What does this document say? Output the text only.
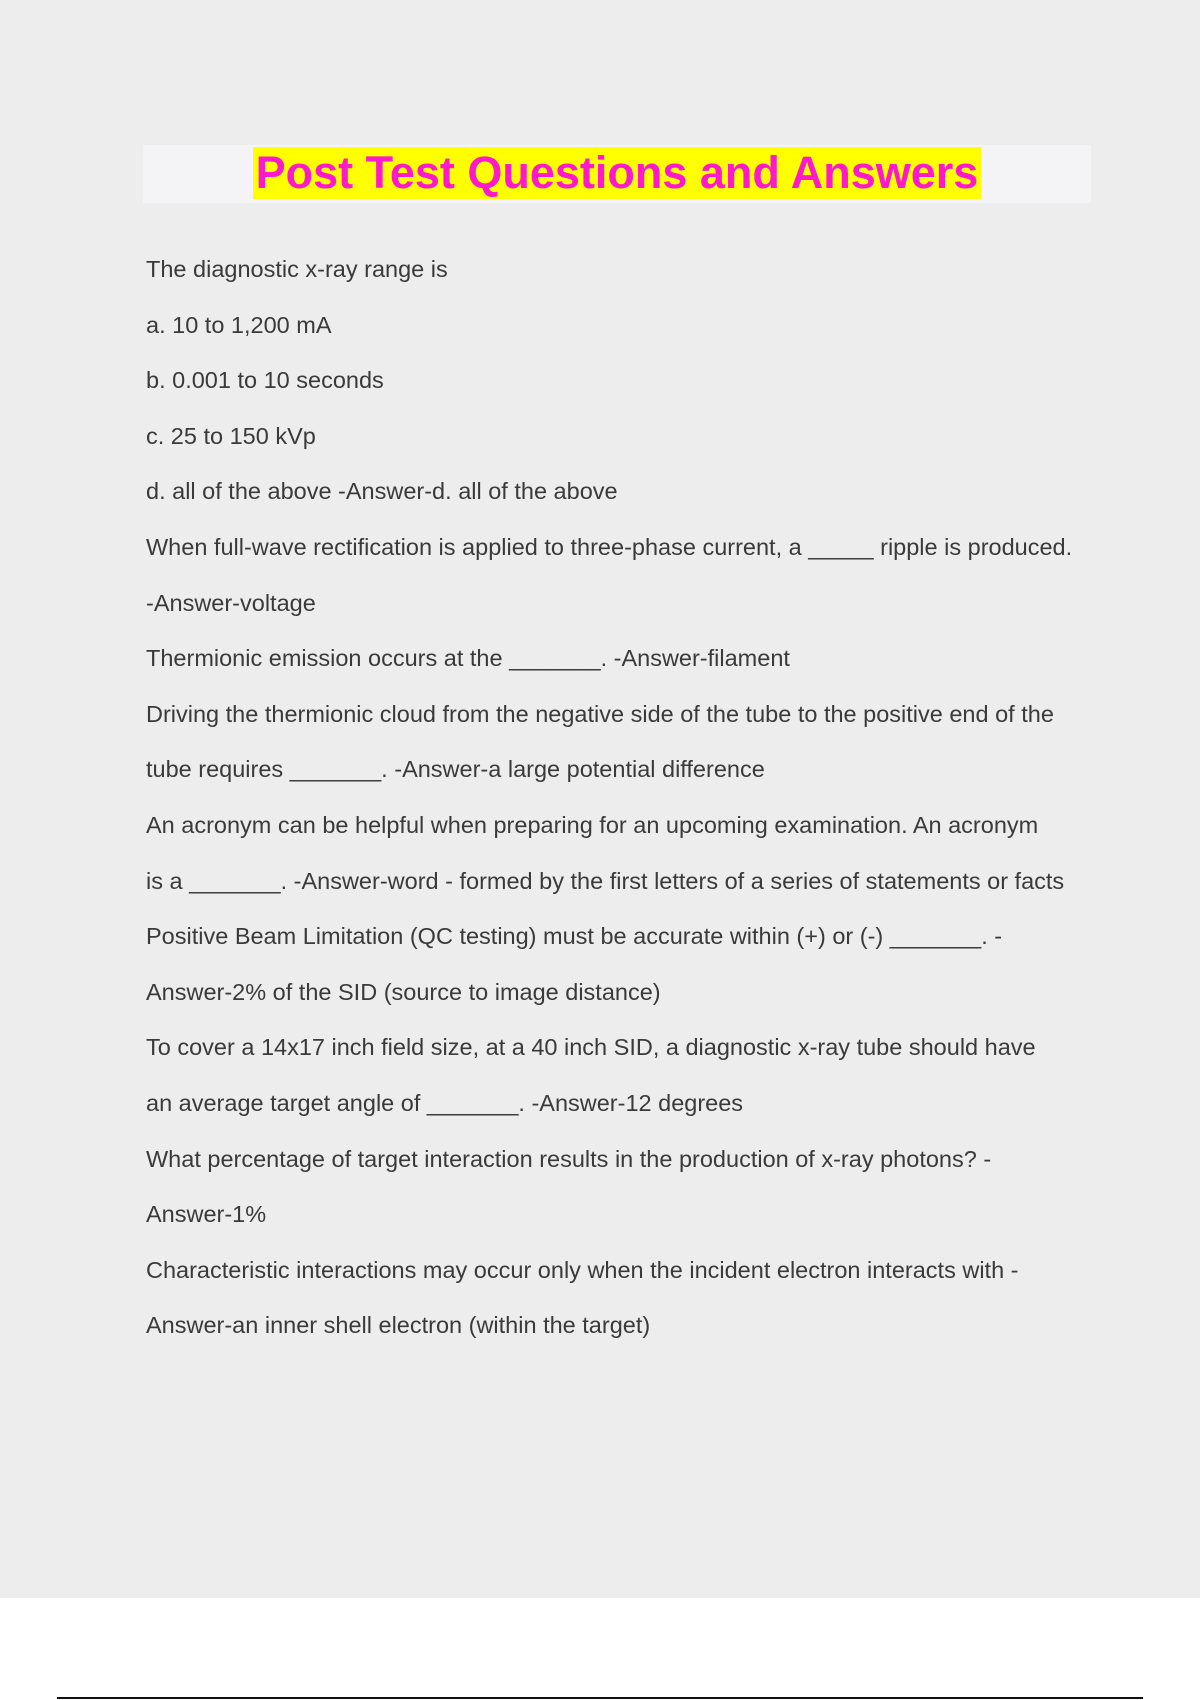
Post Test Questions and Answers
The diagnostic x-ray range is
a. 10 to 1,200 mA
b. 0.001 to 10 seconds
c. 25 to 150 kVp
d. all of the above -Answer-d. all of the above
When full-wave rectification is applied to three-phase current, a _____ ripple is produced.
-Answer-voltage
Thermionic emission occurs at the _______. -Answer-filament
Driving the thermionic cloud from the negative side of the tube to the positive end of the
tube requires _______. -Answer-a large potential difference
An acronym can be helpful when preparing for an upcoming examination. An acronym
is a _______. -Answer-word - formed by the first letters of a series of statements or facts
Positive Beam Limitation (QC testing) must be accurate within (+) or (-) _______. -
Answer-2% of the SID (source to image distance)
To cover a 14x17 inch field size, at a 40 inch SID, a diagnostic x-ray tube should have
an average target angle of _______. -Answer-12 degrees
What percentage of target interaction results in the production of x-ray photons? -
Answer-1%
Characteristic interactions may occur only when the incident electron interacts with -
Answer-an inner shell electron (within the target)
